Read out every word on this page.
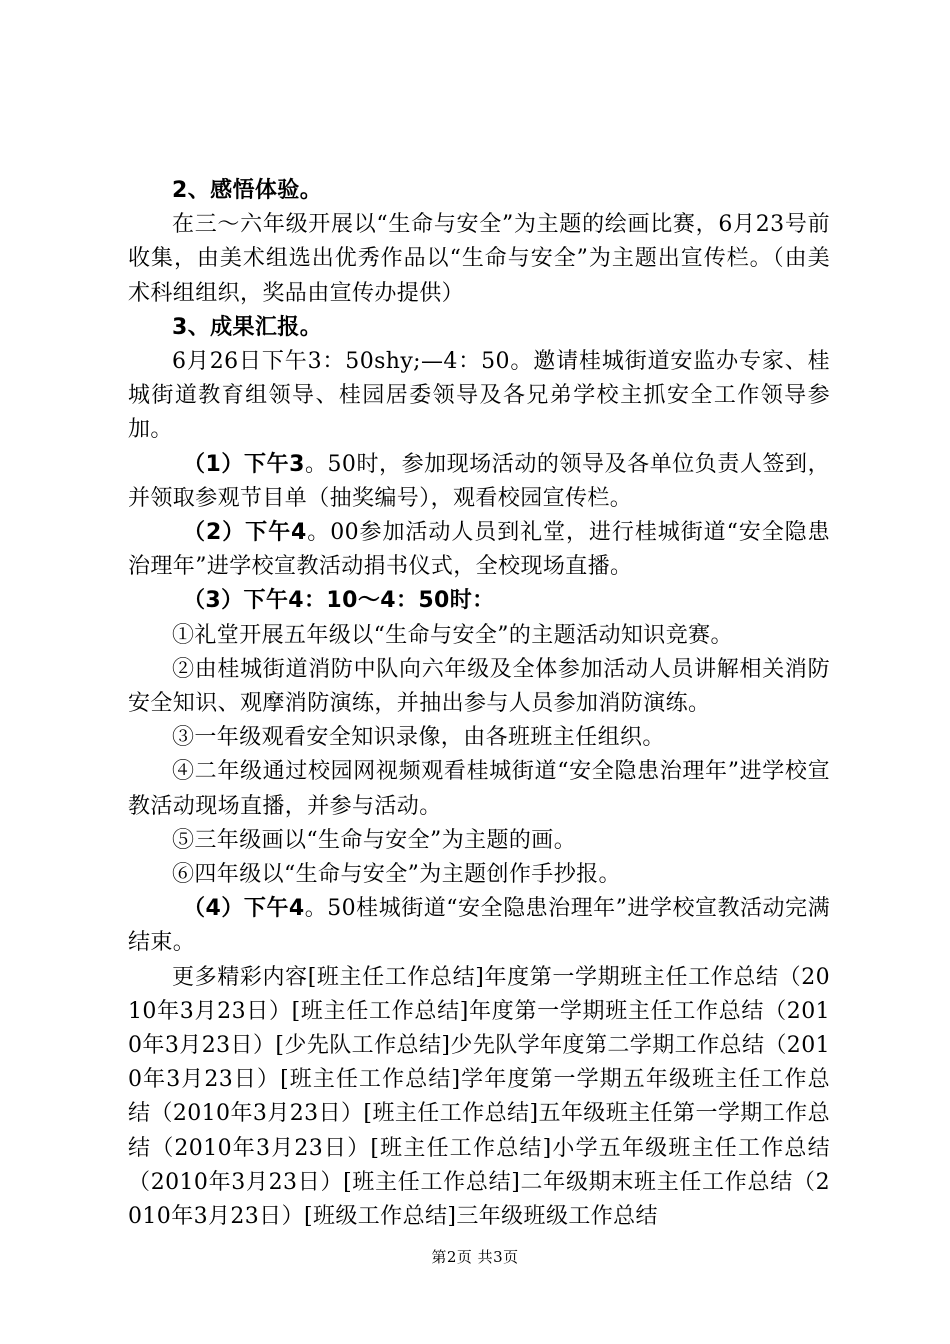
2、感悟体验。

在三～六年级开展以“生命与安全”为主题的绘画比赛，6月23号前收集，由美术组选出优秀作品以“生命与安全”为主题出宣传栏。（由美术科组组织，奖品由宣传办提供）

3、成果汇报。

6月26日下午3：50shy;—4：50。邀请桂城街道安监办专家、桂城街道教育组领导、桂园居委领导及各兄弟学校主抓安全工作领导参加。

（1）下午3。50时，参加现场活动的领导及各单位负责人签到，并领取参观节目单（抽奖编号），观看校园宣传栏。

（2）下午4。00参加活动人员到礼堂，进行桂城街道“安全隐患治理年”进学校宣教活动捐书仪式，全校现场直播。

（3）下午4：10～4：50时：

①礼堂开展五年级以“生命与安全”的主题活动知识竞赛。

②由桂城街道消防中队向六年级及全体参加活动人员讲解相关消防安全知识、观摩消防演练，并抽出参与人员参加消防演练。

③一年级观看安全知识录像，由各班班主任组织。

④二年级通过校园网视频观看桂城街道“安全隐患治理年”进学校宣教活动现场直播，并参与活动。

⑤三年级画以“生命与安全”为主题的画。

⑥四年级以“生命与安全”为主题创作手抄报。

（4）下午4。50桂城街道“安全隐患治理年”进学校宣教活动完满结束。

更多精彩内容[班主任工作总结]年度第一学期班主任工作总结（2010年3月23日）[班主任工作总结]年度第一学期班主任工作总结（2010年3月23日）[少先队工作总结]少先队学年度第二学期工作总结（2010年3月23日）[班主任工作总结]学年度第一学期五年级班主任工作总结（2010年3月23日）[班主任工作总结]五年级班主任第一学期工作总结（2010年3月23日）[班主任工作总结]小学五年级班主任工作总结（2010年3月23日）[班主任工作总结]二年级期末班主任工作总结（2010年3月23日）[班级工作总结]三年级班级工作总结

第2页 共3页
